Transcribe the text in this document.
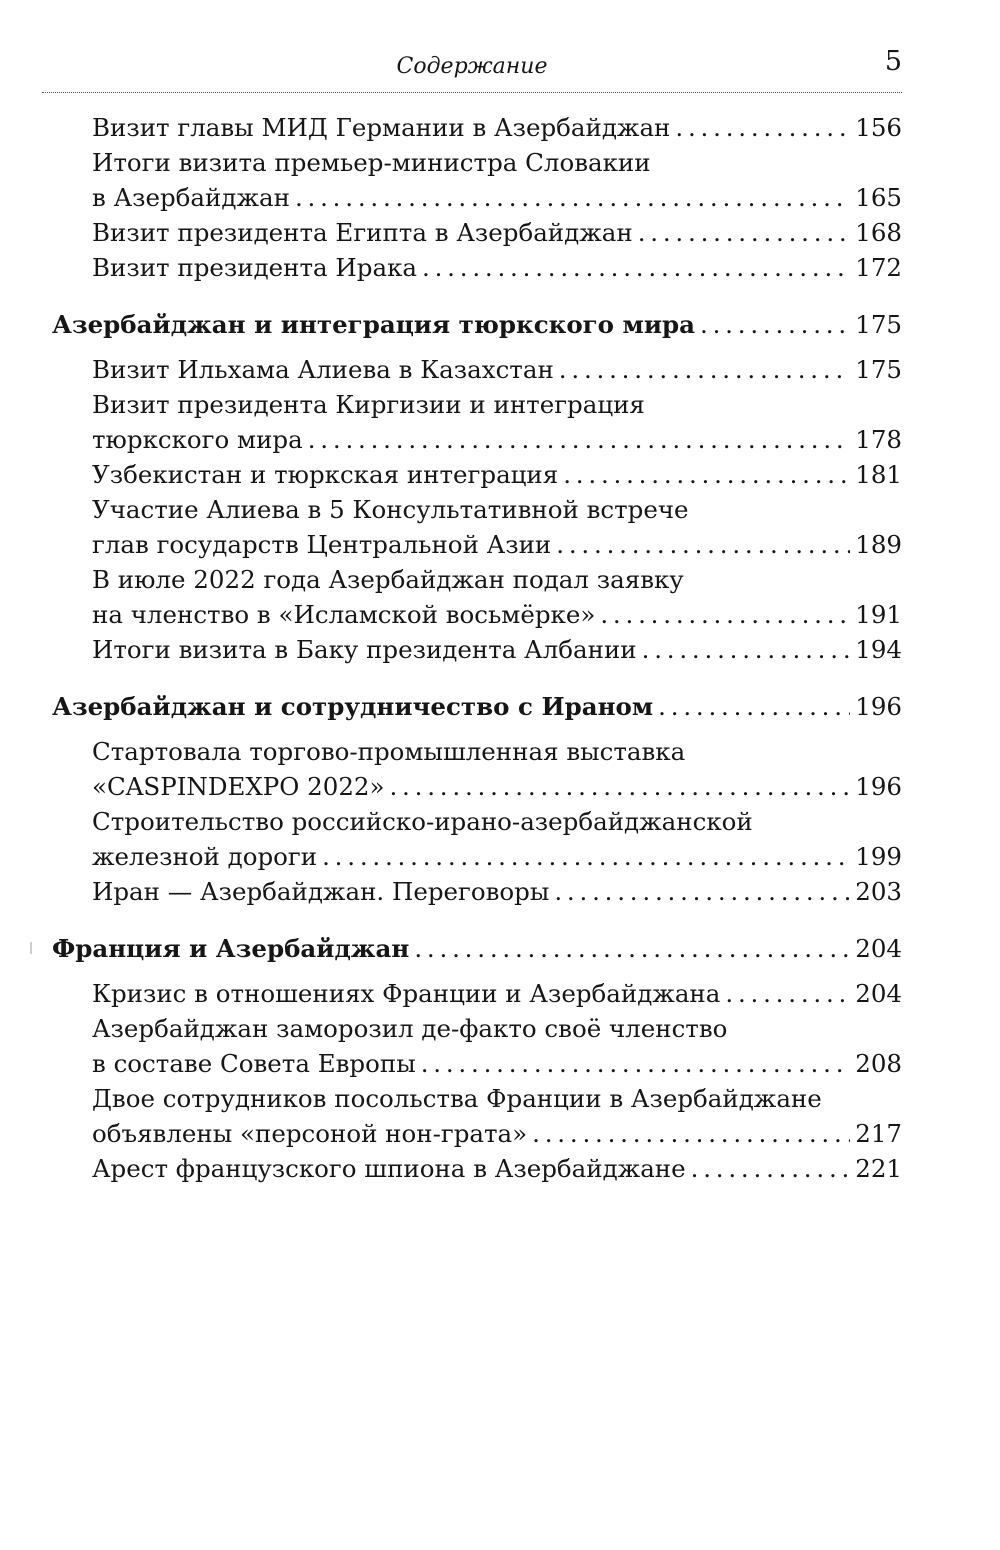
Содержание	5
Визит главы МИД Германии в Азербайджан . . .	156
Итоги визита премьер-министра Словакии
в Азербайджан . . .	165
Визит президента Египта в Азербайджан . . .	168
Визит президента Ирака . . .	172
Азербайджан и интеграция тюркского мира . . .	175
Визит Ильхама Алиева в Казахстан . . .	175
Визит президента Киргизии и интеграция
тюркского мира . . .	178
Узбекистан и тюркская интеграция . . .	181
Участие Алиева в 5 Консультативной встрече
глав государств Центральной Азии . . .	189
В июле 2022 года Азербайджан подал заявку
на членство в «Исламской восьмёрке» . . .	191
Итоги визита в Баку президента Албании . . .	194
Азербайджан и сотрудничество с Ираном . . .	196
Стартовала торгово-промышленная выставка
«CASPINDEXPO 2022» . . .	196
Строительство российско-ирано-азербайджанской
железной дороги . . .	199
Иран — Азербайджан. Переговоры . . .	203
Франция и Азербайджан . . .	204
Кризис в отношениях Франции и Азербайджана . . .	204
Азербайджан заморозил де-факто своё членство
в составе Совета Европы . . .	208
Двое сотрудников посольства Франции в Азербайджане
объявлены «персоной нон-грата» . . .	217
Арест французского шпиона в Азербайджане . . .	221
